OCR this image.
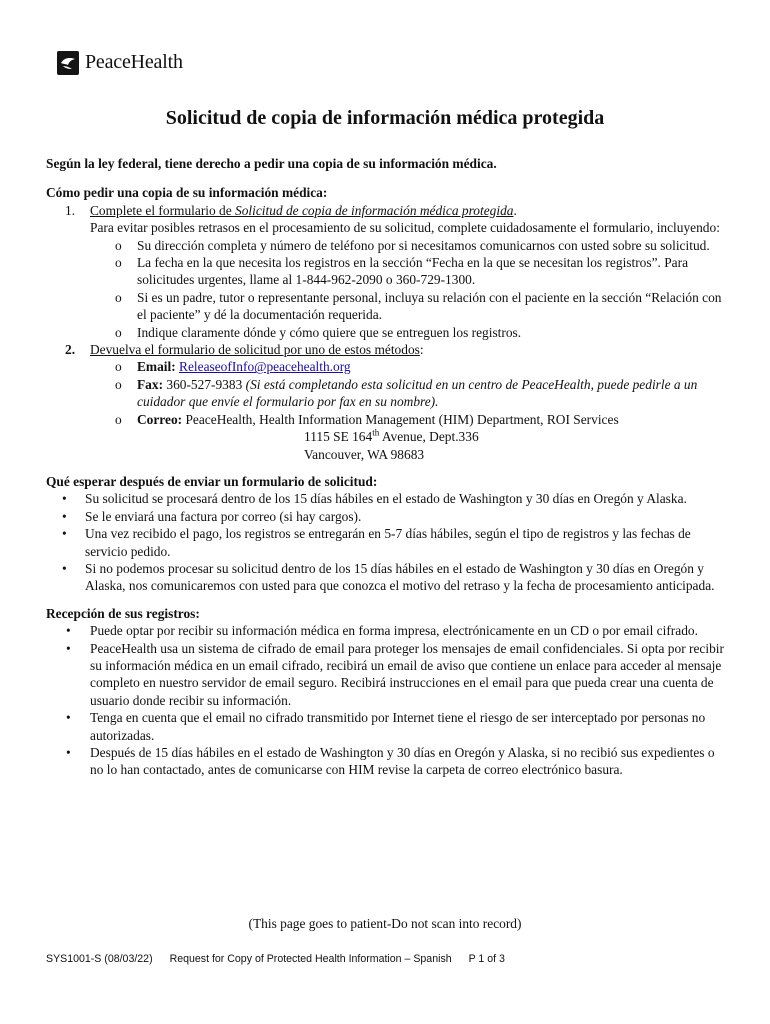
PeaceHealth
Solicitud de copia de información médica protegida

Según la ley federal, tiene derecho a pedir una copia de su información médica.

Cómo pedir una copia de su información médica:

1. Complete el formulario de Solicitud de copia de información médica protegida.

Para evitar posibles retrasos en el procesamiento de su solicitud, complete cuidadosamente el formulario, incluyendo:

o Su dirección completa y número de teléfono por si necesitamos comunicarnos con usted sobre su solicitud.
o La fecha en la que necesita los registros en la sección “Fecha en la que se necesitan los registros”. Para solicitudes urgentes, llame al 1-844-962-2090 o 360-729-1300.
o Si es un padre, tutor o representante personal, incluya su relación con el paciente en la sección “Relación con el paciente” y dé la documentación requerida.
o Indique claramente dónde y cómo quiere que se entreguen los registros.
2. Devuelva el formulario de solicitud por uno de estos métodos:
o Email: ReleaseofInfo@peacehealth.org
o Fax: 360-527-9383 (Si está completando esta solicitud en un centro de PeaceHealth, puede pedirle a un cuidador que envíe el formulario por fax en su nombre).
o Correo: PeaceHealth, Health Information Management (HIM) Department, ROI Services
1115 SE 164th Avenue, Dept.336
Vancouver, WA 98683

Qué esperar después de enviar un formulario de solicitud:

• Su solicitud se procesará dentro de los 15 días hábiles en el estado de Washington y 30 días en Oregón y Alaska.
• Se le enviará una factura por correo (si hay cargos).
• Una vez recibido el pago, los registros se entregarán en 5-7 días hábiles, según el tipo de registros y las fechas de servicio pedido.
• Si no podemos procesar su solicitud dentro de los 15 días hábiles en el estado de Washington y 30 días en Oregón y Alaska, nos comunicaremos con usted para que conozca el motivo del retraso y la fecha de procesamiento anticipada.

Recepción de sus registros:

• Puede optar por recibir su información médica en forma impresa, electrónicamente en un CD o por email cifrado.
• PeaceHealth usa un sistema de cifrado de email para proteger los mensajes de email confidenciales. Si opta por recibir su información médica en un email cifrado, recibirá un email de aviso que contiene un enlace para acceder al mensaje completo en nuestro servidor de email seguro. Recibirá instrucciones en el email para que pueda crear una cuenta de usuario donde recibir su información.
• Tenga en cuenta que el email no cifrado transmitido por Internet tiene el riesgo de ser interceptado por personas no autorizadas.
• Después de 15 días hábiles en el estado de Washington y 30 días en Oregón y Alaska, si no recibió sus expedientes o no lo han contactado, antes de comunicarse con HIM revise la carpeta de correo electrónico basura.
(This page goes to patient-Do not scan into record)
SYS1001-S (08/03/22) Request for Copy of Protected Health Information – Spanish P 1 of 3
